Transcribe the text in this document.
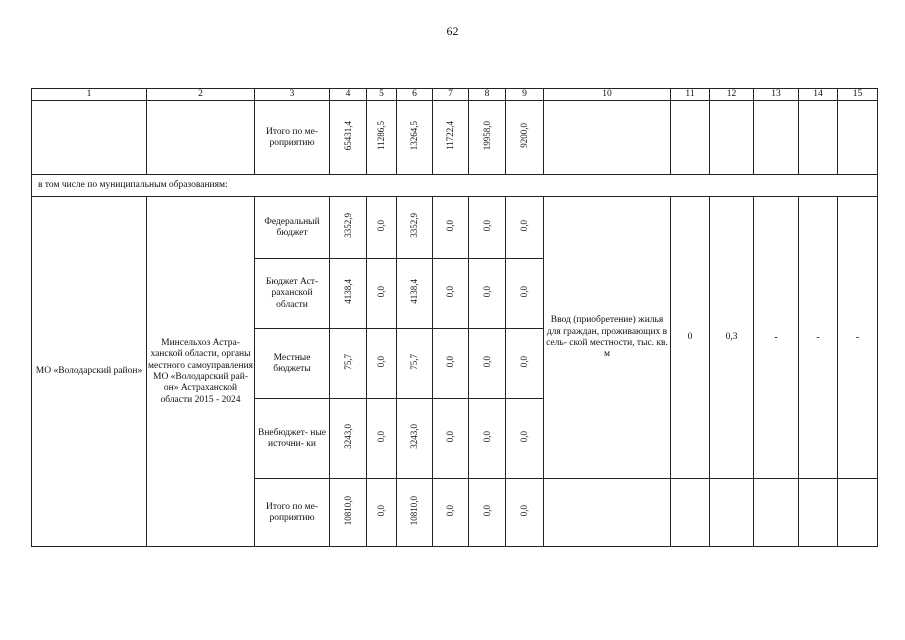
62
1	2	3	4	5	6	7	8	9	10	11	12	13	14	15
		Итого по ме- роприятию	65431,4	11286,5	13264,5	11722,4	19958,0	9200,0						
в том числе по муниципальным образованиям:														
МО «Володарский район»	Минсельхоз Астра- ханской области, органы местного самоуправления МО «Володарский рай- он» Астраханской области 2015 - 2024	Федеральный бюджет	3352,9	0,0	3352,9	0,0	0,0	0,0	Ввод (приобретение) жилья для граждан, проживающих в сель- ской местности, тыс. кв. м	0	0,3	-	-	-
		Бюджет Аст- раханской области	4138,4	0,0	4138,4	0,0	0,0	0,0						
		Местные бюджеты	75,7	0,0	75,7	0,0	0,0	0,0						
		Внебюджет- ные источни- ки	3243,0	0,0	3243,0	0,0	0,0	0,0						
		Итого по ме- роприятию	10810,0	0,0	10810,0	0,0	0,0	0,0						
